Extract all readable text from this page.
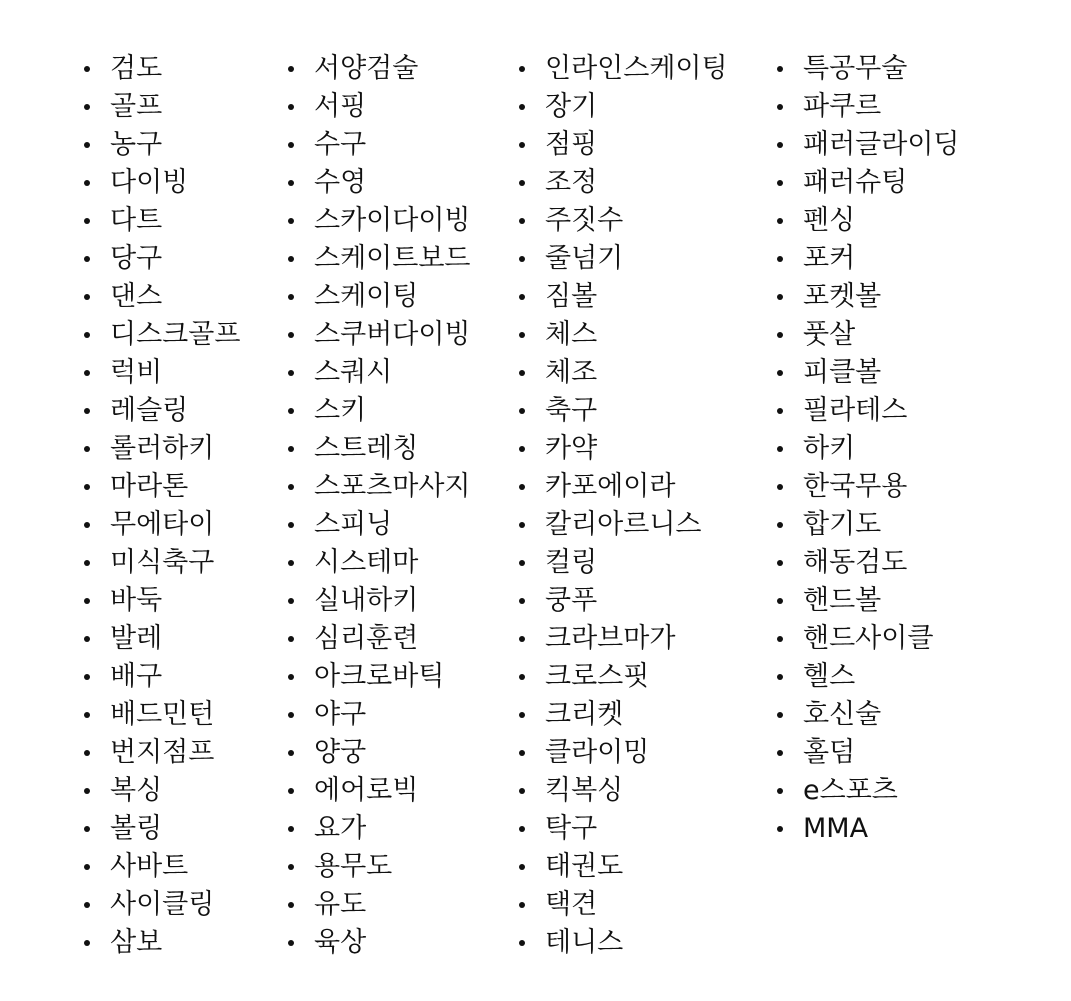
검도
골프
농구
다이빙
다트
당구
댄스
디스크골프
럭비
레슬링
롤러하키
마라톤
무에타이
미식축구
바둑
발레
배구
배드민턴
번지점프
복싱
볼링
사바트
사이클링
삼보
서양검술
서핑
수구
수영
스카이다이빙
스케이트보드
스케이팅
스쿠버다이빙
스쿼시
스키
스트레칭
스포츠마사지
스피닝
시스테마
실내하키
심리훈련
아크로바틱
야구
양궁
에어로빅
요가
용무도
유도
육상
인라인스케이팅
장기
점핑
조정
주짓수
줄넘기
짐볼
체스
체조
축구
카약
카포에이라
칼리아르니스
컬링
쿵푸
크라브마가
크로스핏
크리켓
클라이밍
킥복싱
탁구
태권도
택견
테니스
특공무술
파쿠르
패러글라이딩
패러슈팅
펜싱
포커
포켓볼
풋살
피클볼
필라테스
하키
한국무용
합기도
해동검도
핸드볼
핸드사이클
헬스
호신술
홀덤
e스포츠
MMA
